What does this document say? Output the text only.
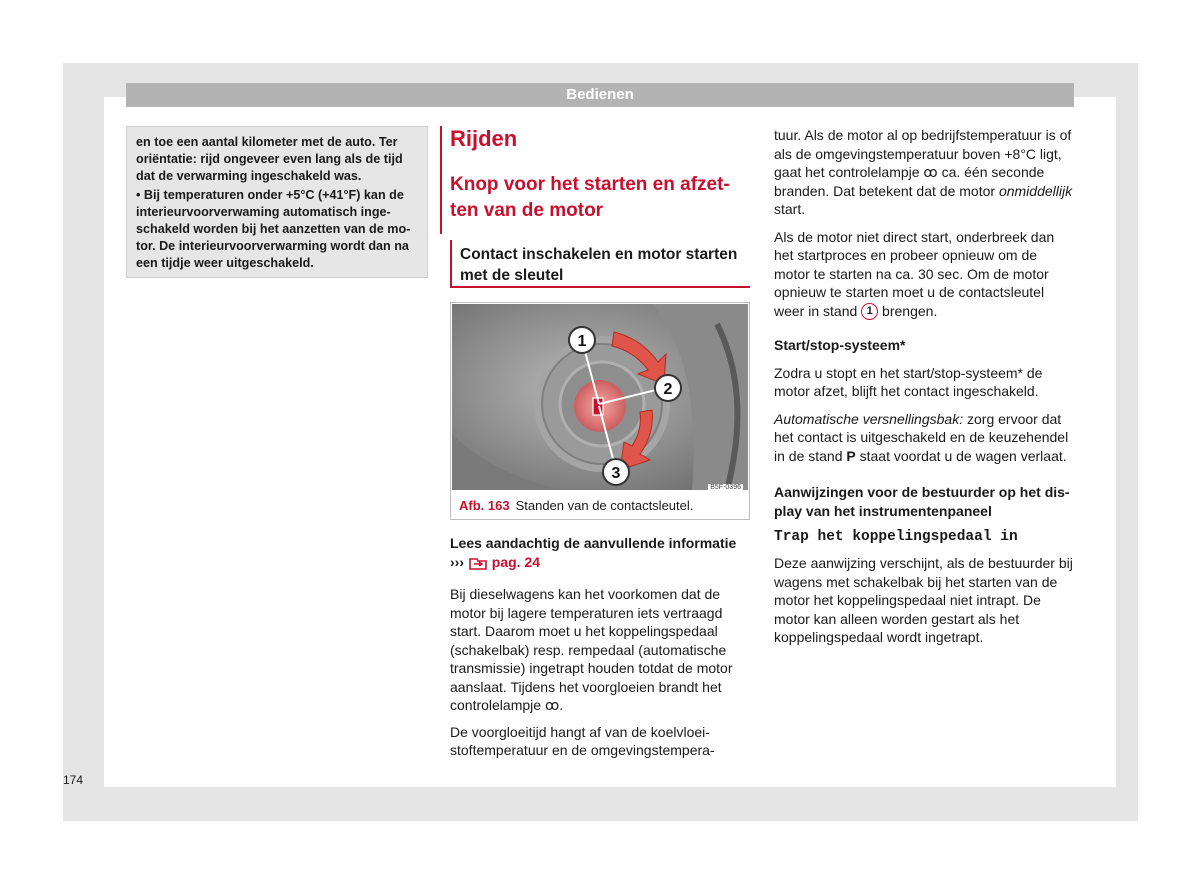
Bedienen

en toe een aantal kilometer met de auto. Ter oriëntatie: rijd ongeveer even lang als de tijd dat de verwarming ingeschakeld was.

• Bij temperaturen onder +5°C (+41°F) kan de interieurvoorverwaming automatisch ingeschakeld worden bij het aanzetten van de motor. De interieurvoorverwarming wordt dan na een tijdje weer uitgeschakeld.

Rijden
Knop voor het starten en afzetten van de motor
Contact inschakelen en motor starten met de sleutel
1
2
3
B5F-0396
Afb. 163 Standen van de contactsleutel.
Lees aandachtig de aanvullende informatie
››› pag. 24

Bij dieselwagens kan het voorkomen dat de motor bij lagere temperaturen iets vertraagd start. Daarom moet u het koppelingspedaal (schakelbak) resp. rempedaal (automatische transmissie) ingetrapt houden totdat de motor aanslaat. Tijdens het voorgloeien brandt het controlelampje ꝏ.

De voorgloeitijd hangt af van de koelvloeistoftemperatuur en de omgevingstempera-

tuur. Als de motor al op bedrijfstemperatuur is of als de omgevingstemperatuur boven +8°C ligt, gaat het controlelampje ꝏ ca. één seconde branden. Dat betekent dat de motor onmiddellijk start.

Als de motor niet direct start, onderbreek dan het startproces en probeer opnieuw om de motor te starten na ca. 30 sec. Om de motor opnieuw te starten moet u de contactsleutel weer in stand 1 brengen.

Start/stop-systeem*

Zodra u stopt en het start/stop-systeem* de motor afzet, blijft het contact ingeschakeld.

Automatische versnellingsbak: zorg ervoor dat het contact is uitgeschakeld en de keuzehendel in de stand P staat voordat u de wagen verlaat.

Aanwijzingen voor de bestuurder op het display van het instrumentenpaneel

Trap het koppelingspedaal in

Deze aanwijzing verschijnt, als de bestuurder bij wagens met schakelbak bij het starten van de motor het koppelingspedaal niet intrapt. De motor kan alleen worden gestart als het koppelingspedaal wordt ingetrapt.

174
